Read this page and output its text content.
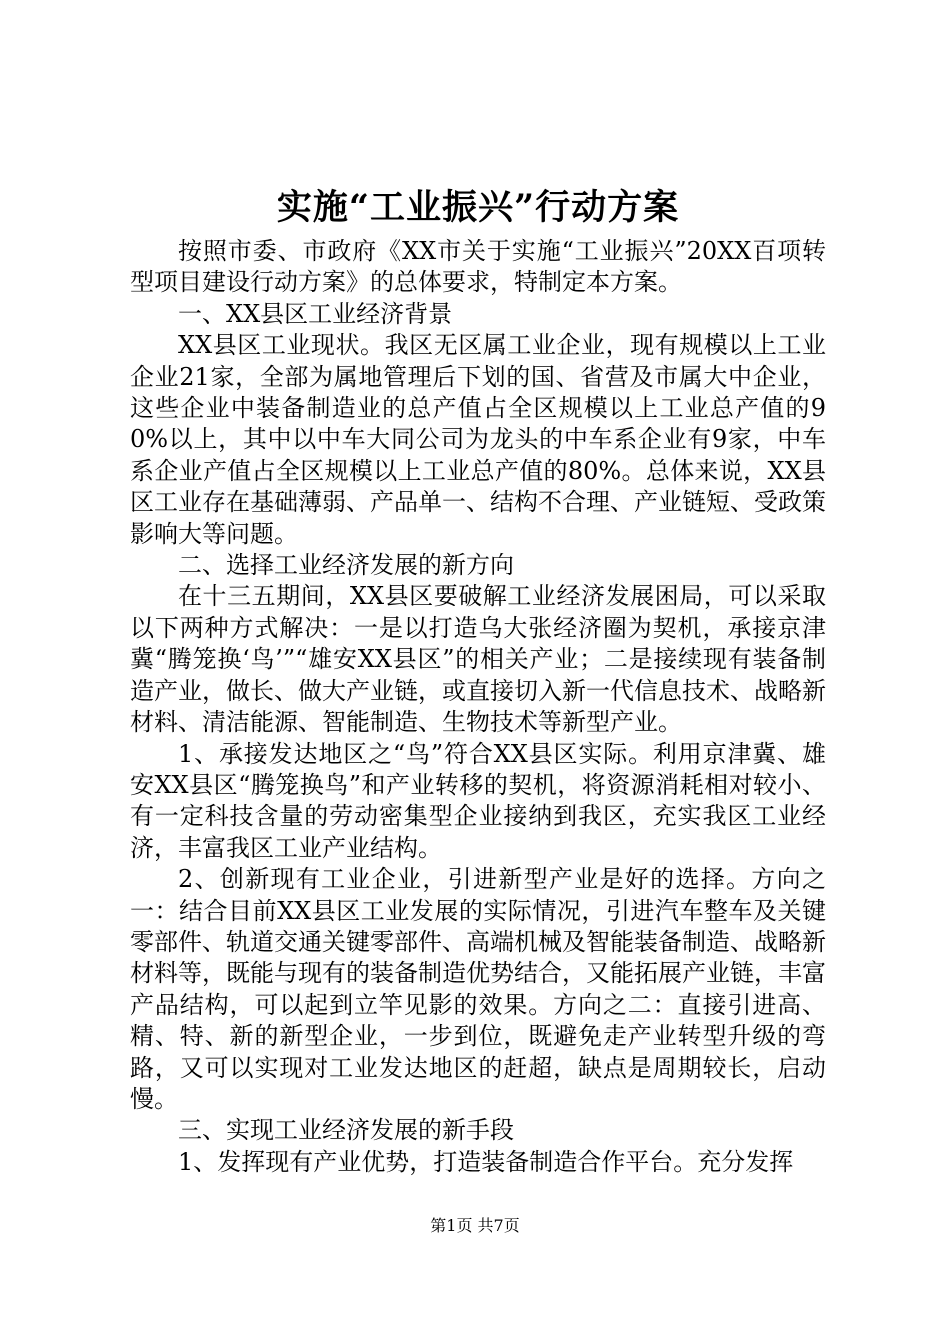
实施“工业振兴”行动方案

按照市委、市政府《XX市关于实施“工业振兴”20XX百项转型项目建设行动方案》的总体要求，特制定本方案。

一、XX县区工业经济背景

XX县区工业现状。我区无区属工业企业，现有规模以上工业企业21家，全部为属地管理后下划的国、省营及市属大中企业，这些企业中装备制造业的总产值占全区规模以上工业总产值的90%以上，其中以中车大同公司为龙头的中车系企业有9家，中车系企业产值占全区规模以上工业总产值的80%。总体来说，XX县区工业存在基础薄弱、产品单一、结构不合理、产业链短、受政策影响大等问题。

二、选择工业经济发展的新方向

在十三五期间，XX县区要破解工业经济发展困局，可以采取以下两种方式解决：一是以打造乌大张经济圈为契机，承接京津冀“腾笼换‘鸟’”“雄安XX县区”的相关产业；二是接续现有装备制造产业，做长、做大产业链，或直接切入新一代信息技术、战略新材料、清洁能源、智能制造、生物技术等新型产业。

1、承接发达地区之“鸟”符合XX县区实际。利用京津冀、雄安XX县区“腾笼换鸟”和产业转移的契机，将资源消耗相对较小、有一定科技含量的劳动密集型企业接纳到我区，充实我区工业经济，丰富我区工业产业结构。

2、创新现有工业企业，引进新型产业是好的选择。方向之一：结合目前XX县区工业发展的实际情况，引进汽车整车及关键零部件、轨道交通关键零部件、高端机械及智能装备制造、战略新材料等，既能与现有的装备制造优势结合，又能拓展产业链，丰富产品结构，可以起到立竿见影的效果。方向之二：直接引进高、精、特、新的新型企业，一步到位，既避免走产业转型升级的弯路，又可以实现对工业发达地区的赶超，缺点是周期较长，启动慢。

三、实现工业经济发展的新手段

1、发挥现有产业优势，打造装备制造合作平台。充分发挥

第1页 共7页
